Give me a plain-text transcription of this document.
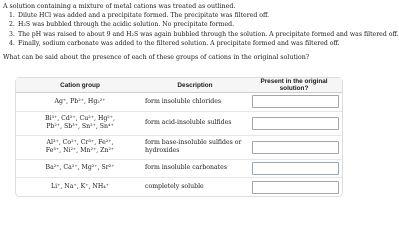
A solution containing a mixture of metal cations was treated as outlined.

1. Dilute HCl was added and a precipitate formed. The precipitate was filtered off.
2. H₂S was bubbled through the acidic solution. No precipitate formed.
3. The pH was raised to about 9 and H₂S was again bubbled through the solution. A precipitate formed and was filtered off.
4. Finally, sodium carbonate was added to the filtered solution. A precipitate formed and was filtered off.

What can be said about the presence of each of these groups of cations in the original solution?

Cation group	Description	Present in the original solution?

Ag⁺, Pb²⁺, Hg₂²⁺	form insoluble chlorides	

Bi³⁺, Cd²⁺, Cu²⁺, Hg²⁺,
Pb²⁺, Sb³⁺, Sn²⁺, Sn⁴⁺	form acid-insoluble sulfides	

Al³⁺, Co²⁺, Cr³⁺, Fe²⁺,
Fe³⁺, Ni²⁺, Mn²⁺, Zn²⁺	form base-insoluble sulfides or hydroxides	

Ba²⁺, Ca²⁺, Mg²⁺, Sr²⁺	form insoluble carbonates	

Li⁺, Na⁺, K⁺, NH₄⁺	completely soluble	
